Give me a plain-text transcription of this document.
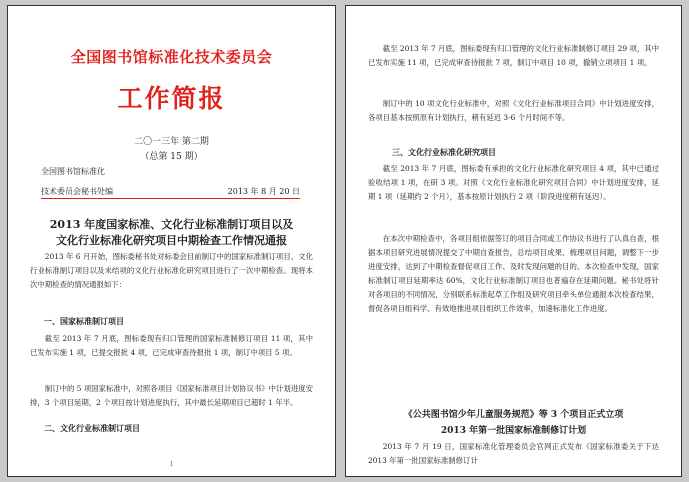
全国图书馆标准化技术委员会
工作简报
二〇一三年 第二期
（总第 15 期）
全国图书馆标准化
技术委员会秘书处编	2013 年 8 月 20 日
2013 年度国家标准、文化行业标准制订项目以及
文化行业标准化研究项目中期检查工作情况通报
2013 年 6 月开始，图标委秘书处对标委会目前制订中的国家标准制订项目、文化行业标准制订项目以及未结项的文化行业标准化研究项目进行了一次中期检查。现将本次中期检查的情况通报如下：
一、国家标准制订项目
截至 2013 年 7 月底，图标委现有归口管理的国家标准制修订项目 11 项，其中已发布实施 1 项，已提交报批 4 项，已完成审查待报批 1 项，制订中项目 5 项。
制订中的 5 项国家标准中，对照各项目《国家标准项目计划协议书》中计划进度安排，3 个项目延期，2 个项目按计划进度执行，其中最长延期项目已超时 1 年半。
二、文化行业标准制订项目
1
截至 2013 年 7 月底，图标委现有归口管理的文化行业标准制修订项目 29 项，其中已发布实施 11 项，已完成审查待报批 7 项，制订中项目 10 项，撤销立项项目 1 项。
制订中的 10 项文化行业标准中，对照《文化行业标准项目合同》中计划进度安排，各项目基本按照原有计划执行，稍有延迟 3-6 个月时间不等。
三、文化行业标准化研究项目
截至 2013 年 7 月底，图标委有承担的文化行业标准化研究项目 4 项，其中已通过验收结项 1 项，在研 3 项。对照《文化行业标准化研究项目合同》中计划进度安排，延期 1 项（延期约 2 个月），基本按原计划执行 2 项（阶段进度稍有延迟）。
在本次中期检查中，各项目组依据签订的项目合同或工作协议书进行了认真自查，根据本项目研究进展情况提交了中期自查报告，总结项目成果、梳理项目问题，调整下一步进度安排，达到了中期检查督促项目工作、及时发现问题的目的。本次检查中发现，国家标准制订项目延期率达 60%，文化行业标准制订项目也普遍存在延期问题。秘书处将针对各项目的不同情况，分别联系标准起草工作组及研究项目牵头单位通报本次检查结果，督促各项目组科学、有效地推进项目组织工作效率，加速标准化工作进度。
《公共图书馆少年儿童服务规范》等 3 个项目正式立项
2013 年第一批国家标准制修订计划
2013 年 7 月 19 日，国家标准化管理委员会官网正式发布《国家标准委关于下达 2013 年第一批国家标准制修订计
